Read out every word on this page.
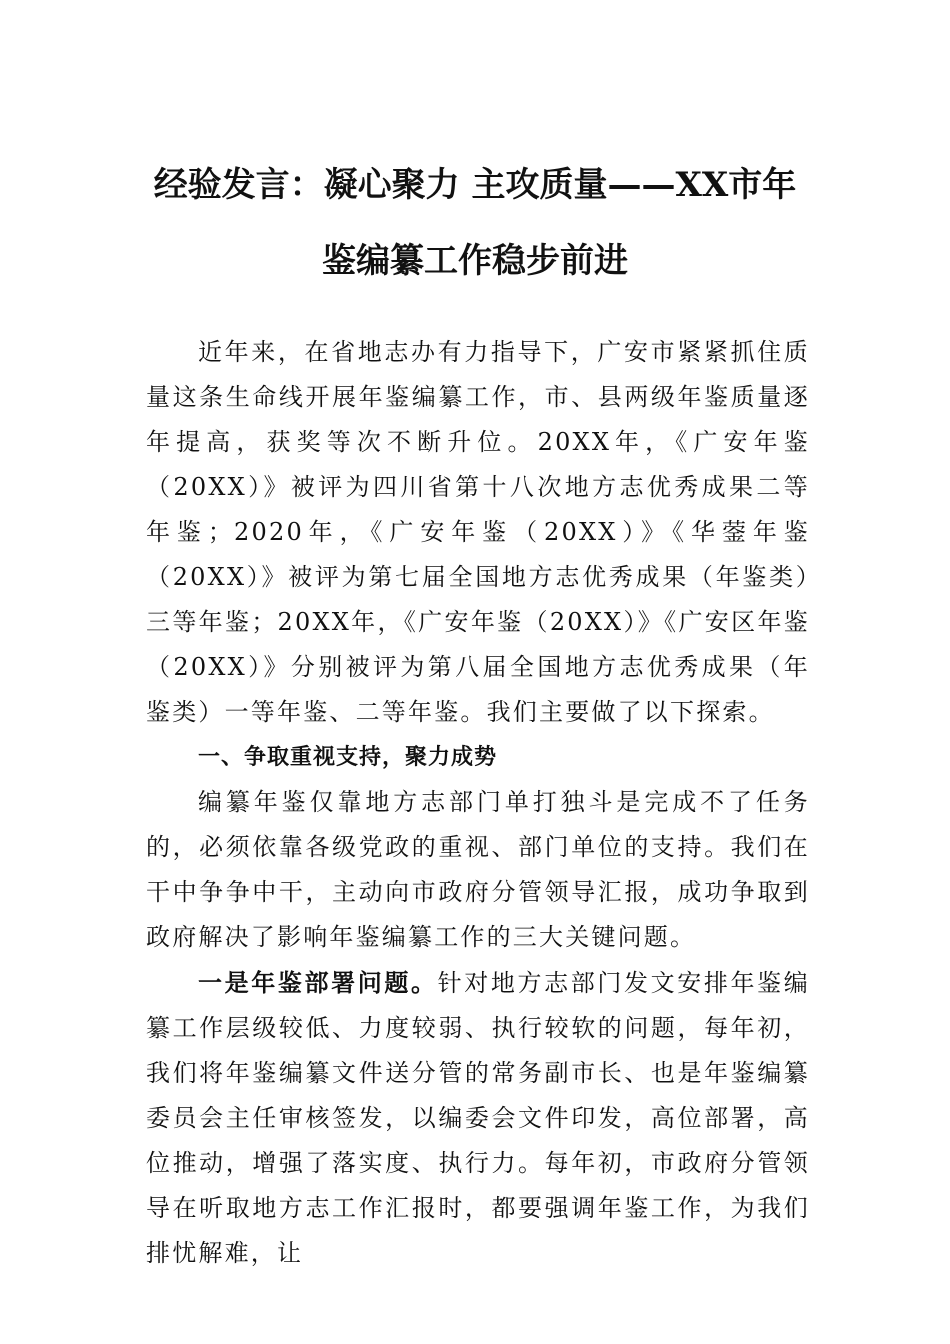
经验发言：凝心聚力 主攻质量——XX市年鉴编纂工作稳步前进

近年来，在省地志办有力指导下，广安市紧紧抓住质量这条生命线开展年鉴编纂工作，市、县两级年鉴质量逐年提高，获奖等次不断升位。20XX年，《广安年鉴（20XX）》被评为四川省第十八次地方志优秀成果二等年鉴；2020年，《广安年鉴（20XX）》《华蓥年鉴（20XX）》被评为第七届全国地方志优秀成果（年鉴类）三等年鉴；20XX年，《广安年鉴（20XX）》《广安区年鉴（20XX）》分别被评为第八届全国地方志优秀成果（年鉴类）一等年鉴、二等年鉴。我们主要做了以下探索。

一、争取重视支持，聚力成势

编纂年鉴仅靠地方志部门单打独斗是完成不了任务的，必须依靠各级党政的重视、部门单位的支持。我们在干中争争中干，主动向市政府分管领导汇报，成功争取到政府解决了影响年鉴编纂工作的三大关键问题。

一是年鉴部署问题。针对地方志部门发文安排年鉴编纂工作层级较低、力度较弱、执行较软的问题，每年初，我们将年鉴编纂文件送分管的常务副市长、也是年鉴编纂委员会主任审核签发，以编委会文件印发，高位部署，高位推动，增强了落实度、执行力。每年初，市政府分管领导在听取地方志工作汇报时，都要强调年鉴工作，为我们排忧解难，让
